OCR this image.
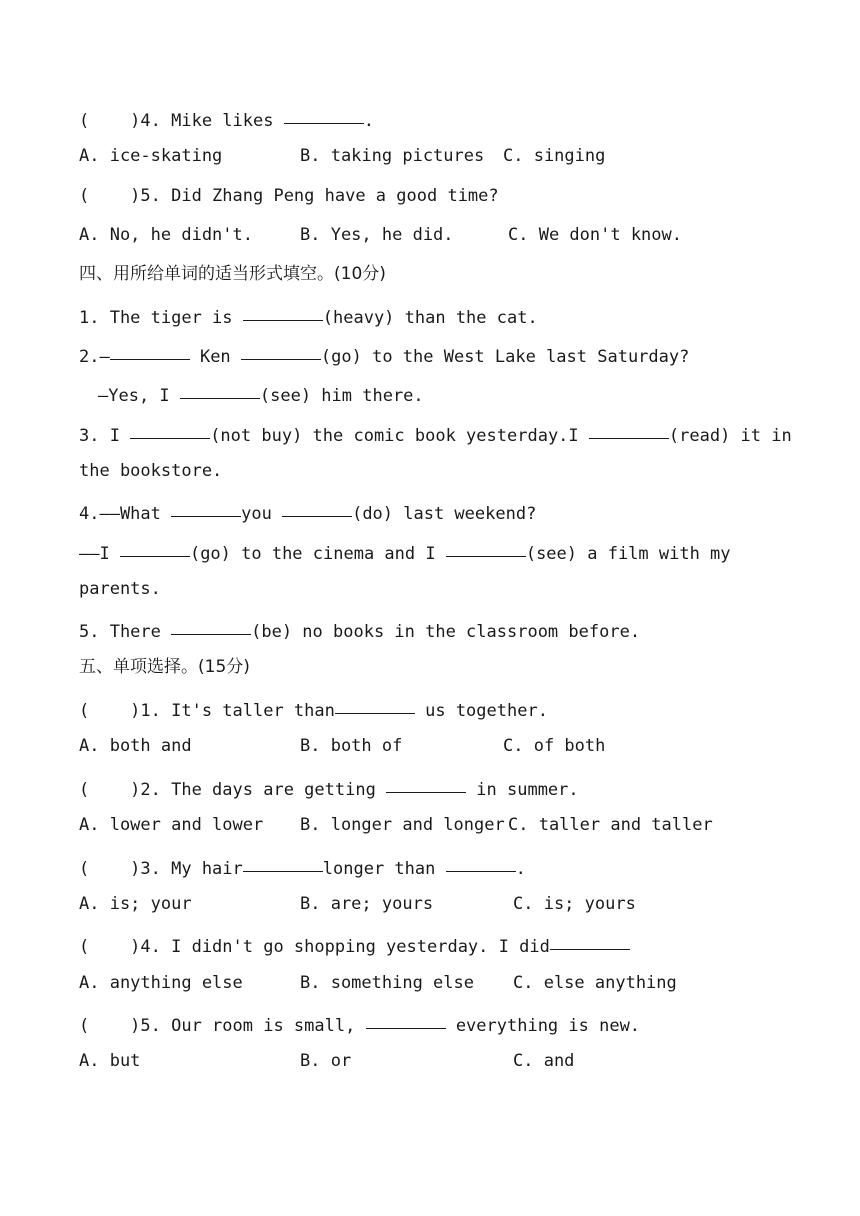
(    )4. Mike likes	.

A. ice-skating

	B. taking pictures

C. singing

(    )5. Did Zhang Peng have a good time?

A. No, he didn't.

	B. Yes, he did.

	C. We don't know.

四、用所给单词的适当形式填空。(10分)

1. The tiger is	(heavy) than the cat.

2.—	Ken	(go) to the West Lake last Saturday?

—Yes, I	(see) him there.

3. I	(not buy) the comic book yesterday.I	(read) it in

the bookstore.

4.——What	you	(do) last weekend?

——I	(go) to the cinema and I	(see) a film with my

parents.

5. There	(be) no books in the classroom before.

五、单项选择。(15分)

(    )1. It's taller than	us together.

A. both and

	B. both of

	C. of both

(    )2. The days are getting	in summer.

A. lower and lower

B. longer and longer

C. taller and taller

(    )3. My hair	longer than	.

A. is; your

	B. are; yours

	C. is; yours

(    )4. I didn't go shopping yesterday. I did

A. anything else

	B. something else

C. else anything

(    )5. Our room is small,	everything is new.

A. but

	B. or

	C. and
